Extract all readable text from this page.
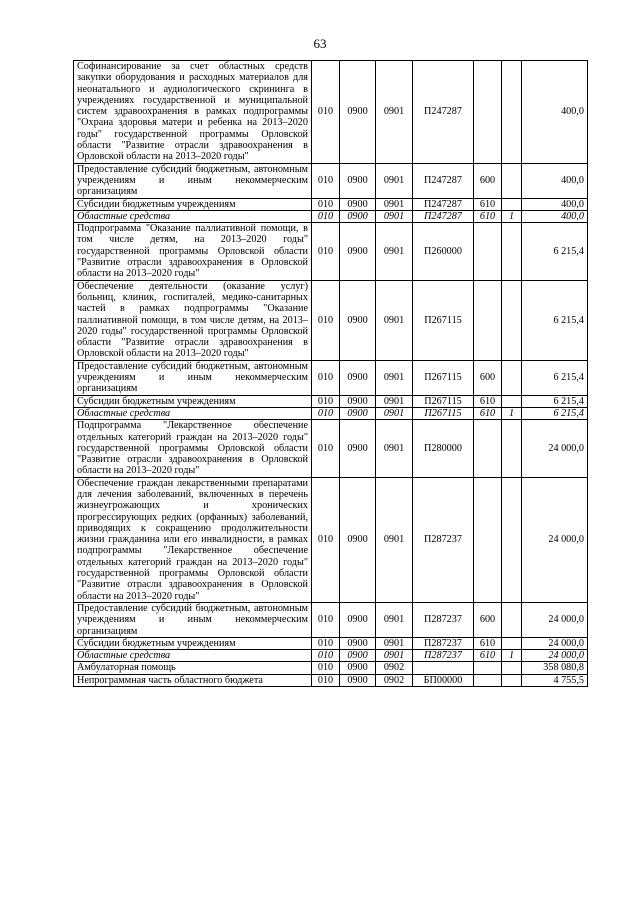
63
Софинансирование за счет областных средств закупки оборудования и расходных материалов для неонатального и аудиологического скрининга в учреждениях государственной и муниципальной систем здравоохранения в рамках подпрограммы "Охрана здоровья матери и ребенка на 2013–2020 годы" государственной программы Орловской области "Развитие отрасли здравоохранения в Орловской области на 2013–2020 годы"	010	0900	0901	П247287			400,0
Предоставление субсидий бюджетным, автономным учреждениям и иным некоммерческим организациям	010	0900	0901	П247287	600		400,0
Субсидии бюджетным учреждениям	010	0900	0901	П247287	610		400,0
Областные средства	010	0900	0901	П247287	610	1	400,0
Подпрограмма "Оказание паллиативной помощи, в том числе детям, на 2013–2020 годы" государственной программы Орловской области "Развитие отрасли здравоохранения в Орловской области на 2013–2020 годы"	010	0900	0901	П260000			6 215,4
Обеспечение деятельности (оказание услуг) больниц, клиник, госпиталей, медико-санитарных частей в рамках подпрограммы "Оказание паллиативной помощи, в том числе детям, на 2013–2020 годы" государственной программы Орловской области "Развитие отрасли здравоохранения в Орловской области на 2013–2020 годы"	010	0900	0901	П267115			6 215,4
Предоставление субсидий бюджетным, автономным учреждениям и иным некоммерческим организациям	010	0900	0901	П267115	600		6 215,4
Субсидии бюджетным учреждениям	010	0900	0901	П267115	610		6 215,4
Областные средства	010	0900	0901	П267115	610	1	6 215,4
Подпрограмма "Лекарственное обеспечение отдельных категорий граждан на 2013–2020 годы" государственной программы Орловской области "Развитие отрасли здравоохранения в Орловской области на 2013–2020 годы"	010	0900	0901	П280000			24 000,0
Обеспечение граждан лекарственными препаратами для лечения заболеваний, включенных в перечень жизнеугрожающих и хронических прогрессирующих редких (орфанных) заболеваний, приводящих к сокращению продолжительности жизни гражданина или его инвалидности, в рамках подпрограммы "Лекарственное обеспечение отдельных категорий граждан на 2013–2020 годы" государственной программы Орловской области "Развитие отрасли здравоохранения в Орловской области на 2013–2020 годы"	010	0900	0901	П287237			24 000,0
Предоставление субсидий бюджетным, автономным учреждениям и иным некоммерческим организациям	010	0900	0901	П287237	600		24 000,0
Субсидии бюджетным учреждениям	010	0900	0901	П287237	610		24 000,0
Областные средства	010	0900	0901	П287237	610	1	24 000,0
Амбулаторная помощь	010	0900	0902				358 080,8
Непрограммная часть областного бюджета	010	0900	0902	БП00000			4 755,5
